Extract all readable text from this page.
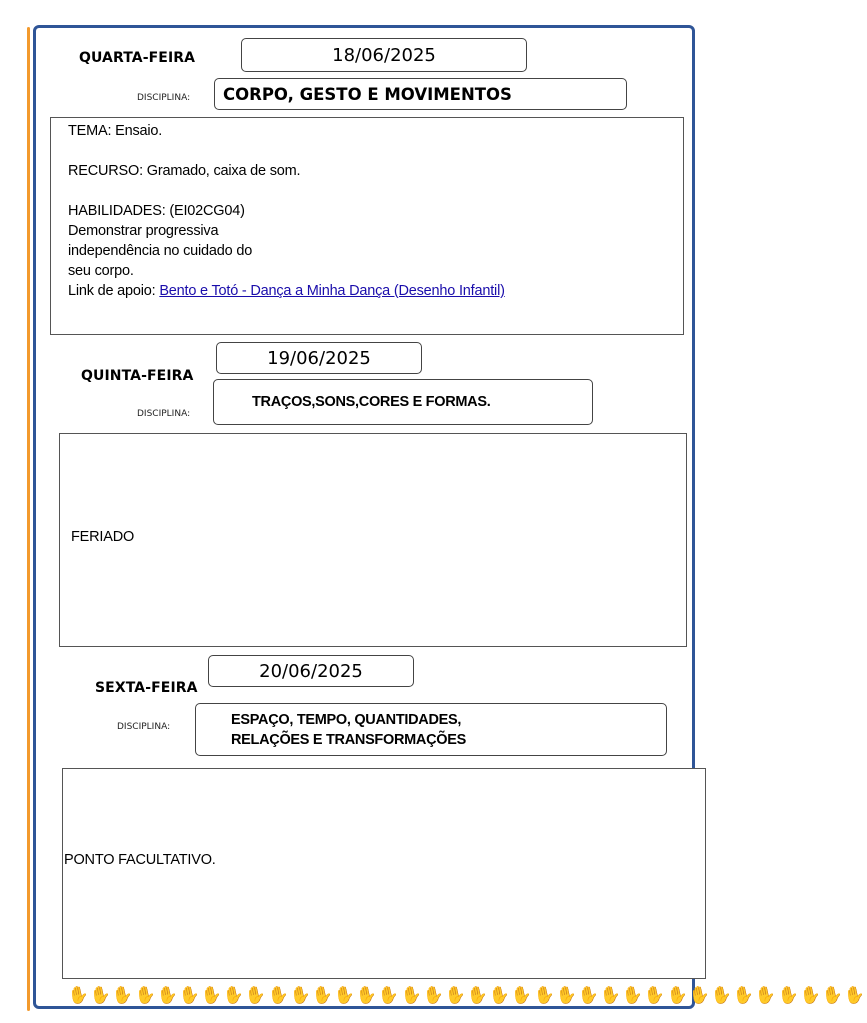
QUARTA-FEIRA	18/06/2025
DISCIPLINA: CORPO, GESTO E MOVIMENTOS
TEMA: Ensaio.
RECURSO: Gramado, caixa de som.
HABILIDADES: (EI02CG04)
Demonstrar progressiva
independência no cuidado do
seu corpo.
Link de apoio: Bento e Totó - Dança a Minha Dança (Desenho Infantil)
19/06/2025
QUINTA-FEIRA
DISCIPLINA:
TRAÇOS,SONS,CORES E FORMAS.
FERIADO
20/06/2025
SEXTA-FEIRA
DISCIPLINA:	ESPAÇO, TEMPO, QUANTIDADES,
RELAÇÕES E TRANSFORMAÇÕES
PONTO FACULTATIVO.
✋
✋
✋
✋
✋
✋
✋
✋
✋
✋
✋
✋
✋
✋
✋
✋
✋
✋
✋
✋
✋
✋
✋
✋
✋
✋
✋
✋
✋
✋
✋
✋
✋
✋
✋
✋
